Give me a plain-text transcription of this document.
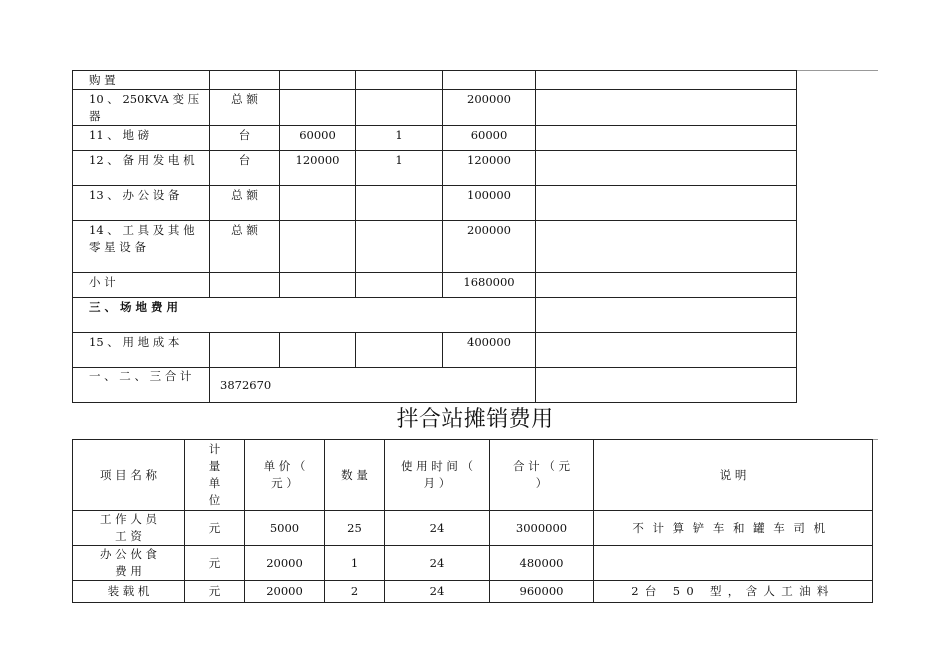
购 置					
10 、 250KVA 变 压 器	总 额			200000	
11 、 地 磅	台	60000	1	60000	
12 、 备 用 发 电 机	台	120000	1	120000	
13 、 办 公 设 备	总 额			100000	
14 、 工 具 及 其 他 零 星 设 备	总 额			200000	
小 计				1680000	
三 、 场 地 费 用					
15 、 用 地 成 本				400000	
一 、 二 、 三 合 计	3872670				
拌合站摊销费用
项 目 名 称	计 量 单 位	单 价 （ 元 ）	数 量	使 用 时 间 （ 月 ）	合 计 （ 元 ）	说 明
工 作 人 员 工 资	元	5000	25	24	3000000	不计算铲车和罐车司机
办 公 伙 食 费 用	元	20000	1	24	480000	
装 载 机	元	20000	2	24	960000	2台 50 型，含人工油料
